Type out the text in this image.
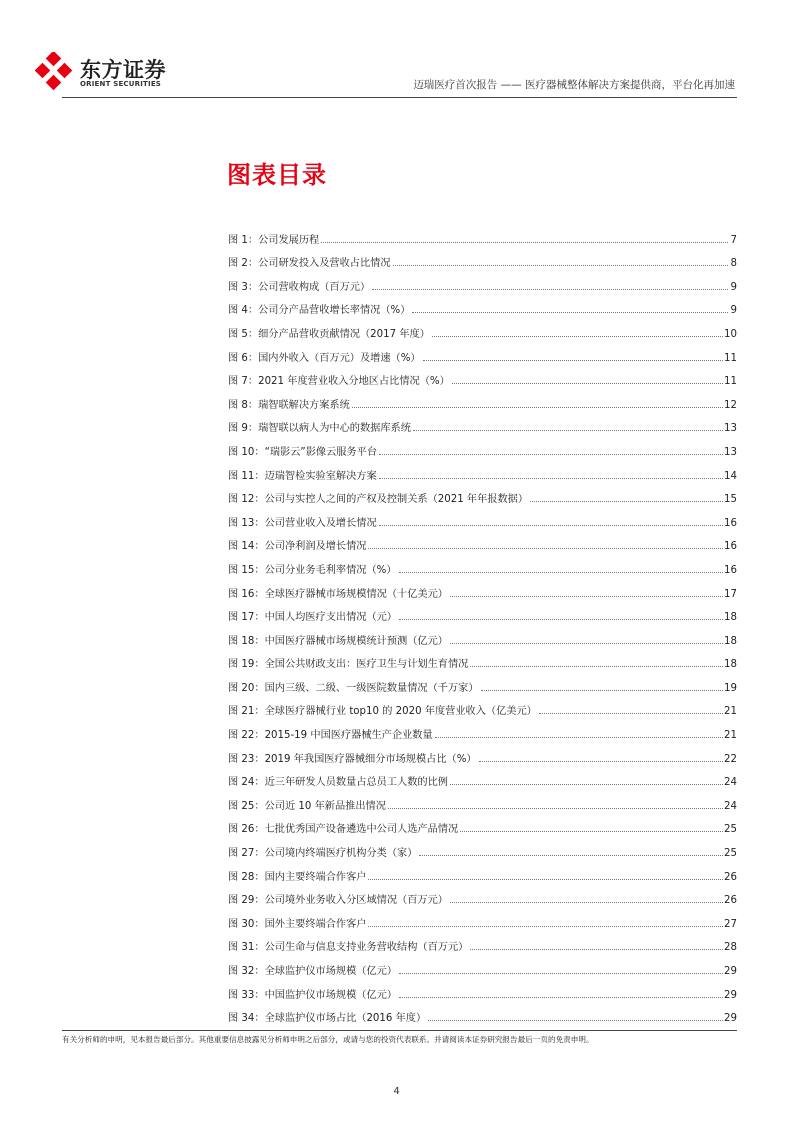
东方证券
ORIENT SECURITIES	迈瑞医疗首次报告 —— 医疗器械整体解决方案提供商，平台化再加速
图表目录
图 1：公司发展历程	7
图 2：公司研发投入及营收占比情况	8
图 3：公司营收构成（百万元）	9
图 4：公司分产品营收增长率情况（%）	9
图 5：细分产品营收贡献情况（2017 年度）	10
图 6：国内外收入（百万元）及增速（%）	11
图 7：2021 年度营业收入分地区占比情况（%）	11
图 8：瑞智联解决方案系统	12
图 9：瑞智联以病人为中心的数据库系统	13
图 10：“瑞影云”影像云服务平台	13
图 11：迈瑞智检实验室解决方案	14
图 12：公司与实控人之间的产权及控制关系（2021 年年报数据）	15
图 13：公司营业收入及增长情况	16
图 14：公司净利润及增长情况	16
图 15：公司分业务毛利率情况（%）	16
图 16：全球医疗器械市场规模情况（十亿美元）	17
图 17：中国人均医疗支出情况（元）	18
图 18：中国医疗器械市场规模统计预测（亿元）	18
图 19：全国公共财政支出：医疗卫生与计划生育情况	18
图 20：国内三级、二级、一级医院数量情况（千万家）	19
图 21：全球医疗器械行业 top10 的 2020 年度营业收入（亿美元）	21
图 22：2015-19 中国医疗器械生产企业数量	21
图 23：2019 年我国医疗器械细分市场规模占比（%）	22
图 24：近三年研发人员数量占总员工人数的比例	24
图 25：公司近 10 年新品推出情况	24
图 26：七批优秀国产设备遴选中公司人选产品情况	25
图 27：公司境内终端医疗机构分类（家）	25
图 28：国内主要终端合作客户	26
图 29：公司境外业务收入分区域情况（百万元）	26
图 30：国外主要终端合作客户	27
图 31：公司生命与信息支持业务营收结构（百万元）	28
图 32：全球监护仪市场规模（亿元）	29
图 33：中国监护仪市场规模（亿元）	29
图 34：全球监护仪市场占比（2016 年度）	29
有关分析师的申明，见本报告最后部分。其他重要信息披露见分析师申明之后部分，或请与您的投资代表联系。并请阅读本证券研究报告最后一页的免责申明。
4
